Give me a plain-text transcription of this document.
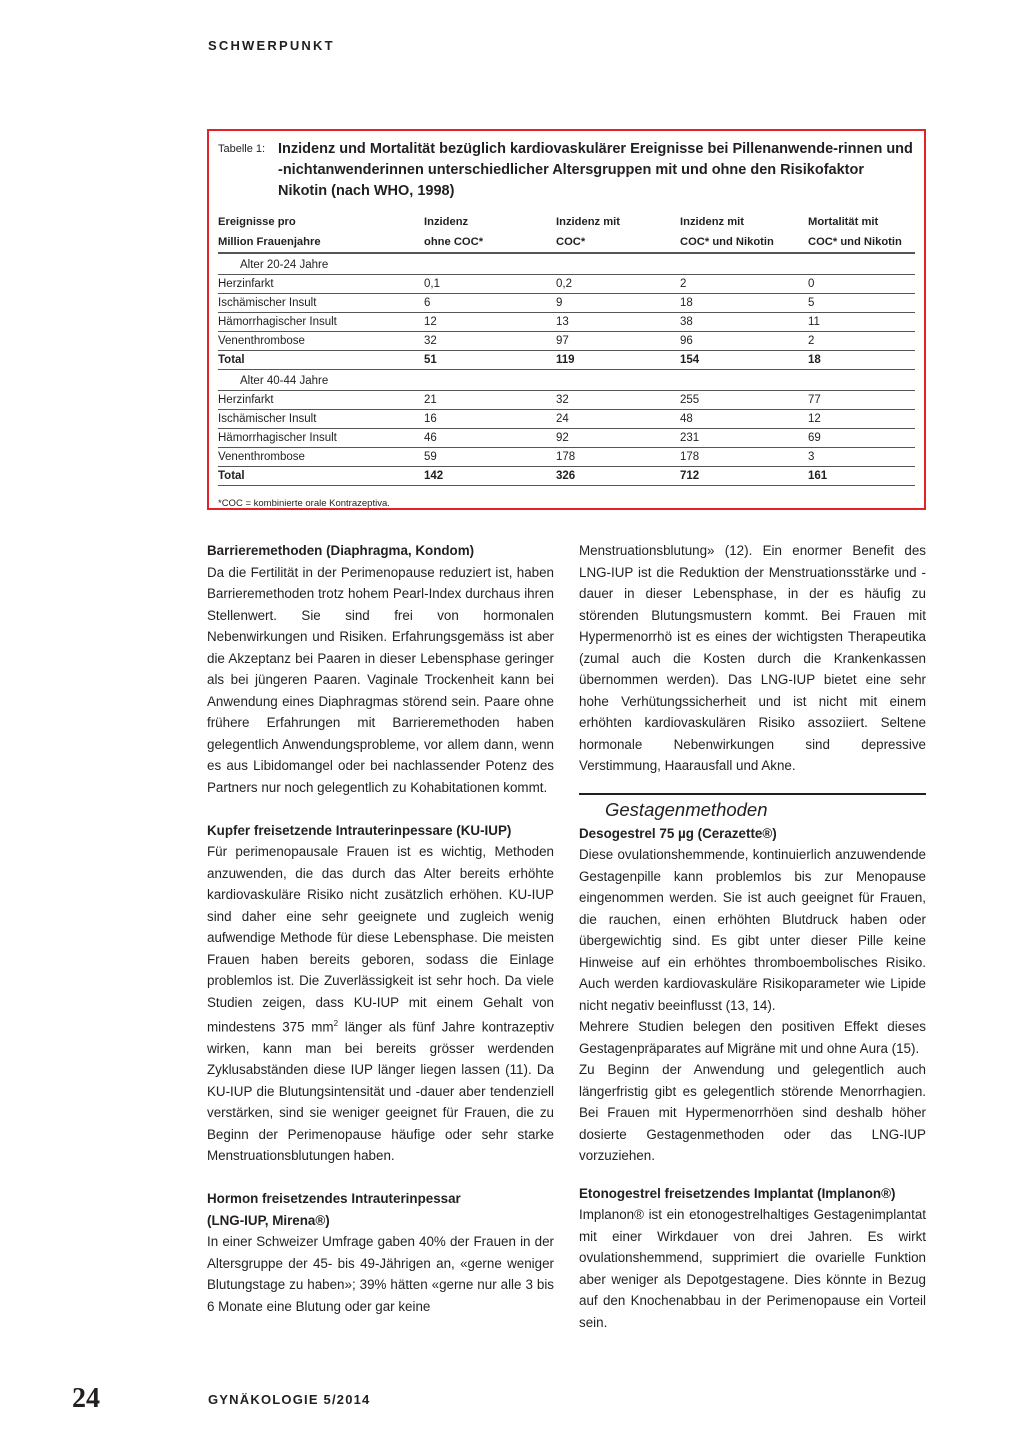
SCHWERPUNKT
Tabelle 1: Inzidenz und Mortalität bezüglich kardiovaskulärer Ereignisse bei Pillenanwende-rinnen und -nichtanwenderinnen unterschiedlicher Altersgruppen mit und ohne den Risikofaktor Nikotin (nach WHO, 1998)
Ereignisse pro	Inzidenz	Inzidenz mit	Inzidenz mit	Mortalität mit
Million Frauenjahre	ohne COC*	COC*	COC* und Nikotin	COC* und Nikotin
Alter 20-24 Jahre				
Herzinfarkt	0,1	0,2	2	0
Ischämischer Insult	6	9	18	5
Hämorrhagischer Insult	12	13	38	11
Venenthrombose	32	97	96	2
Total	51	119	154	18
Alter 40-44 Jahre				
Herzinfarkt	21	32	255	77
Ischämischer Insult	16	24	48	12
Hämorrhagischer Insult	46	92	231	69
Venenthrombose	59	178	178	3
Total	142	326	712	161
*COC = kombinierte orale Kontrazeptiva.

Barrieremethoden (Diaphragma, Kondom)

Da die Fertilität in der Perimenopause reduziert ist, haben Barrieremethoden trotz hohem Pearl-Index durchaus ihren Stellenwert. Sie sind frei von hormonalen Nebenwirkungen und Risiken. Erfahrungsgemäss ist aber die Akzeptanz bei Paaren in dieser Lebensphase geringer als bei jüngeren Paaren. Vaginale Trockenheit kann bei Anwendung eines Diaphragmas störend sein. Paare ohne frühere Erfahrungen mit Barrieremethoden haben gelegentlich Anwendungsprobleme, vor allem dann, wenn es aus Libidomangel oder bei nachlassender Potenz des Partners nur noch gelegentlich zu Kohabitationen kommt.

Kupfer freisetzende Intrauterinpessare (KU-IUP)

Für perimenopausale Frauen ist es wichtig, Methoden anzuwenden, die das durch das Alter bereits erhöhte kardiovaskuläre Risiko nicht zusätzlich erhöhen. KU-IUP sind daher eine sehr geeignete und zugleich wenig aufwendige Methode für diese Lebensphase. Die meisten Frauen haben bereits geboren, sodass die Einlage problemlos ist. Die Zuverlässigkeit ist sehr hoch. Da viele Studien zeigen, dass KU-IUP mit einem Gehalt von mindestens 375 $mm^2$ länger als fünf Jahre kontrazeptiv wirken, kann man bei bereits grösser werdenden Zyklusabständen diese IUP länger liegen lassen (11). Da KU-IUP die Blutungsintensität und -dauer aber tendenziell verstärken, sind sie weniger geeignet für Frauen, die zu Beginn der Perimenopause häufige oder sehr starke Menstruationsblutungen haben.

Hormon freisetzendes Intrauterinpessar

(LNG-IUP, Mirena®)

In einer Schweizer Umfrage gaben 40% der Frauen in der Altersgruppe der 45- bis 49-Jährigen an, «gerne weniger Blutungstage zu haben»; 39% hätten «gerne nur alle 3 bis 6 Monate eine Blutung oder gar keine

Menstruationsblutung» (12). Ein enormer Benefit des LNG-IUP ist die Reduktion der Menstruationsstärke und -dauer in dieser Lebensphase, in der es häufig zu störenden Blutungsmustern kommt. Bei Frauen mit Hypermenorrhö ist es eines der wichtigsten Therapeutika (zumal auch die Kosten durch die Krankenkassen übernommen werden). Das LNG-IUP bietet eine sehr hohe Verhütungssicherheit und ist nicht mit einem erhöhten kardiovaskulären Risiko assoziiert. Seltene hormonale Nebenwirkungen sind depressive Verstimmung, Haarausfall und Akne.

Gestagenmethoden

Desogestrel 75 µg (Cerazette®)

Diese ovulationshemmende, kontinuierlich anzuwendende Gestagenpille kann problemlos bis zur Menopause eingenommen werden. Sie ist auch geeignet für Frauen, die rauchen, einen erhöhten Blutdruck haben oder übergewichtig sind. Es gibt unter dieser Pille keine Hinweise auf ein erhöhtes thromboembolisches Risiko. Auch werden kardiovaskuläre Risikoparameter wie Lipide nicht negativ beeinflusst (13, 14).

Mehrere Studien belegen den positiven Effekt dieses Gestagenpräparates auf Migräne mit und ohne Aura (15).

Zu Beginn der Anwendung und gelegentlich auch längerfristig gibt es gelegentlich störende Menorrhagien. Bei Frauen mit Hypermenorrhöen sind deshalb höher dosierte Gestagenmethoden oder das LNG-IUP vorzuziehen.

Etonogestrel freisetzendes Implantat (Implanon®)

Implanon® ist ein etonogestrelhaltiges Gestagenimplantat mit einer Wirkdauer von drei Jahren. Es wirkt ovulationshemmend, supprimiert die ovarielle Funktion aber weniger als Depotgestagene. Dies könnte in Bezug auf den Knochenabbau in der Perimenopause ein Vorteil sein.

24	GYNÄKOLOGIE 5/2014
